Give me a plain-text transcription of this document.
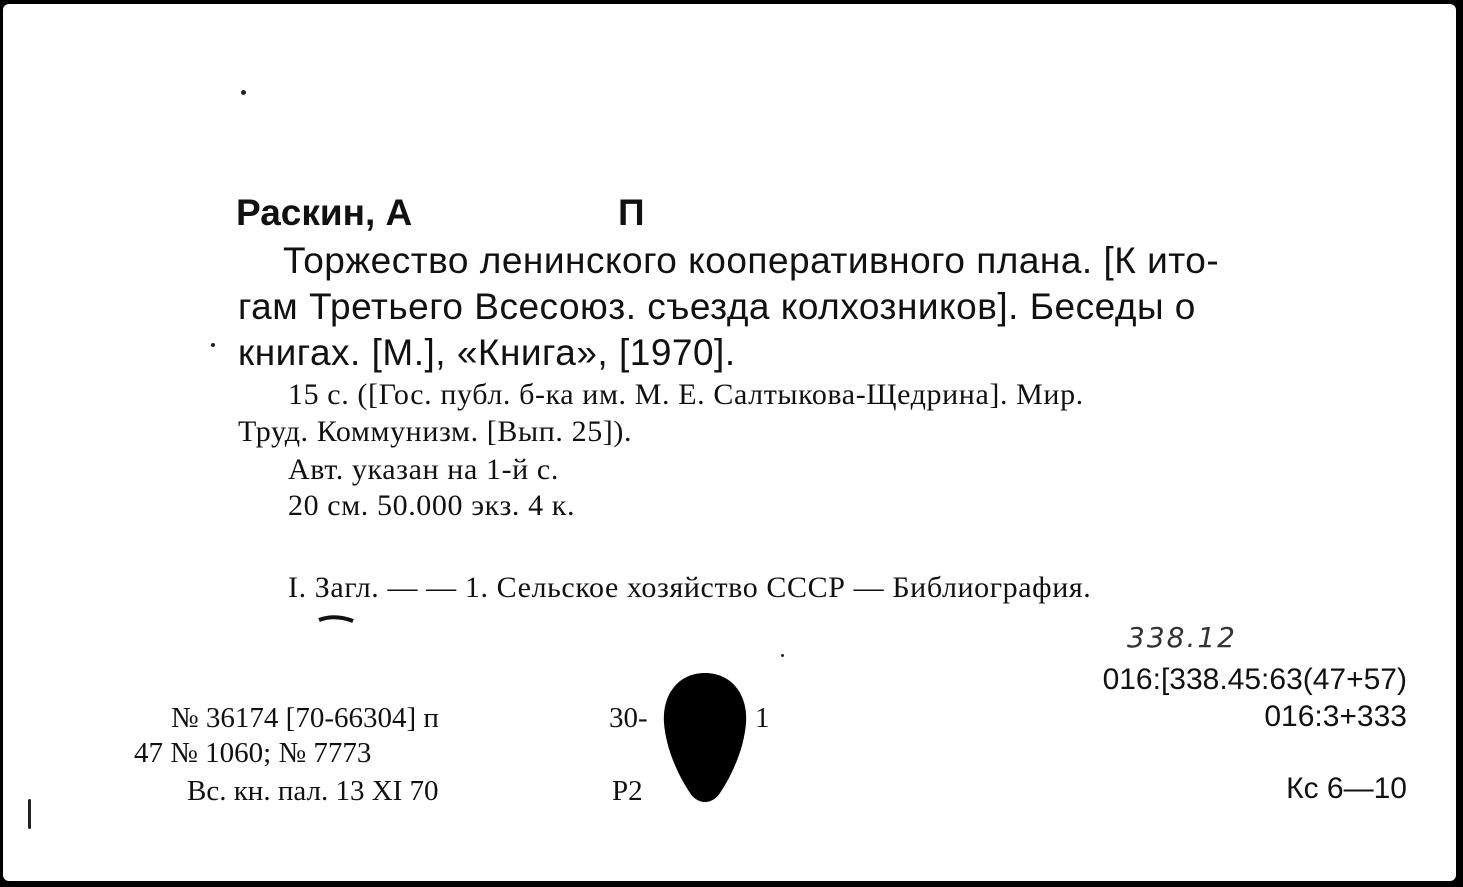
Раскин, А	П
Торжество ленинского кооперативного плана. [К ито-
гам Третьего Всесоюз. съезда колхозников]. Беседы о
книгах. [М.], «Книга», [1970].
15 с. ([Гос. публ. б-ка им. М. Е. Салтыкова-Щедрина]. Мир.
Труд. Коммунизм. [Вып. 25]).
Авт. указан на 1-й с.
20 см. 50.000 экз. 4 к.
I. Загл. — — 1. Сельское хозяйство СССР — Библиография.
338.12
016:[338.45:63(47+57)
016:3+333
Кс 6—10
№ 36174 [70-66304] п	30-	1
47 № 1060; № 7773
Вс. кн. пал. 13 XI 70	Р2
